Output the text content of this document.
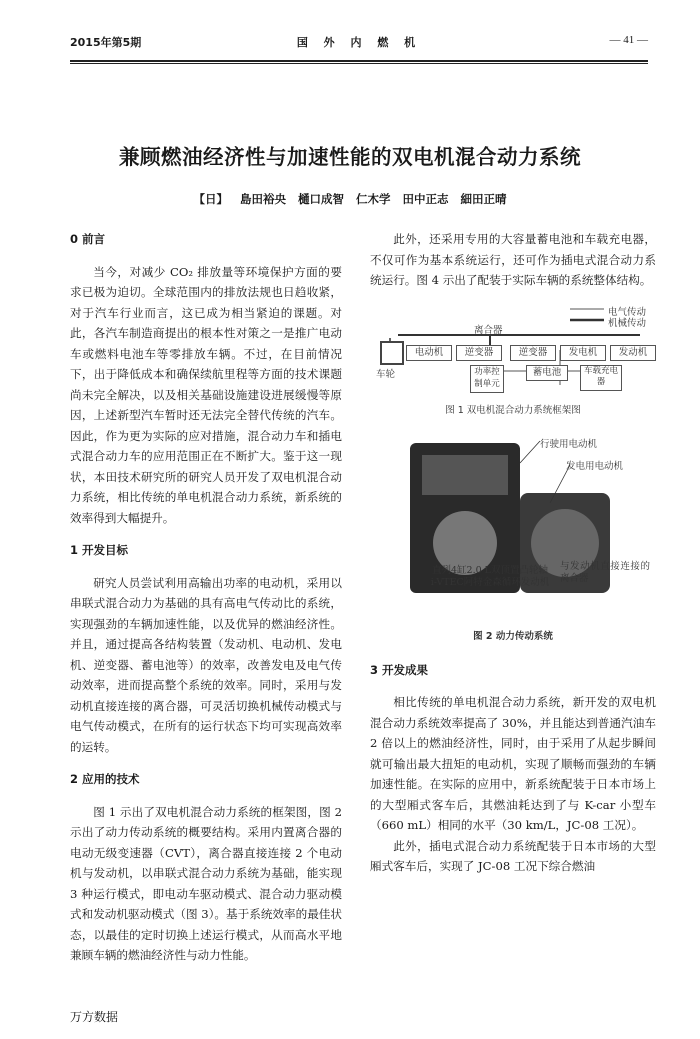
2015年第5期	国 外 内 燃 机	— 41 —
兼顾燃油经济性与加速性能的双电机混合动力系统
【日】 島田裕央 樋口成智 仁木学 田中正志 細田正晴

0 前言

当今，对减少 CO₂ 排放量等环境保护方面的要求已极为迫切。全球范围内的排放法规也日趋收紧，对于汽车行业而言，这已成为相当紧迫的课题。对此，各汽车制造商提出的根本性对策之一是推广电动车或燃料电池车等零排放车辆。不过，在目前情况下，出于降低成本和确保续航里程等方面的技术课题尚未完全解决，以及相关基础设施建设进展缓慢等原因，上述新型汽车暂时还无法完全替代传统的汽车。因此，作为更为实际的应对措施，混合动力车和插电式混合动力车的应用范围正在不断扩大。鉴于这一现状，本田技术研究所的研究人员开发了双电机混合动力系统，相比传统的单电机混合动力系统，新系统的效率得到大幅提升。

1 开发目标

研究人员尝试利用高输出功率的电动机，采用以串联式混合动力为基础的具有高电气传动比的系统，实现强劲的车辆加速性能，以及优异的燃油经济性。并且，通过提高各结构装置（发动机、电动机、发电机、逆变器、蓄电池等）的效率，改善发电及电气传动效率，进而提高整个系统的效率。同时，采用与发动机直接连接的离合器，可灵活切换机械传动模式与电气传动模式，在所有的运行状态下均可实现高效率的运转。

2 应用的技术

图 1 示出了双电机混合动力系统的框架图，图 2 示出了动力传动系统的概要结构。采用内置离合器的电动无级变速器（CVT），离合器直接连接 2 个电动机与发动机，以串联式混合动力系统为基础，能实现 3 种运行模式，即电动车驱动模式、混合动力驱动模式和发动机驱动模式（图 3）。基于系统效率的最佳状态，以最佳的定时切换上述运行模式，从而高水平地兼顾车辆的燃油经济性与动力性能。

此外，还采用专用的大容量蓄电池和车载充电器，不仅可作为基本系统运行，还可作为插电式混合动力系统运行。图 4 示出了配装于实际车辆的系统整体结构。

电气传动
机械传动
离合器
车轮
电动机	逆变器	逆变器	发电机	发动机
功率控制单元
蓄电池	车载充电器
图 1 双电机混合动力系统框架图
行驶用电动机
发电用电动机
与发动机直接连接的离合器
直列4缸2.0 L双顶置凸轮轴i-VTEC阿特金森循环发动机
图 2 动力传动系统

3 开发成果

相比传统的单电机混合动力系统，新开发的双电机混合动力系统效率提高了 30%，并且能达到普通汽油车 2 倍以上的燃油经济性，同时，由于采用了从起步瞬间就可输出最大扭矩的电动机，实现了顺畅而强劲的车辆加速性能。在实际的应用中，新系统配装于日本市场上的大型厢式客车后，其燃油耗达到了与 K-car 小型车（660 mL）相同的水平（30 km/L，JC-08 工况）。

此外，插电式混合动力系统配装于日本市场的大型厢式客车后，实现了 JC-08 工况下综合燃油

万方数据
